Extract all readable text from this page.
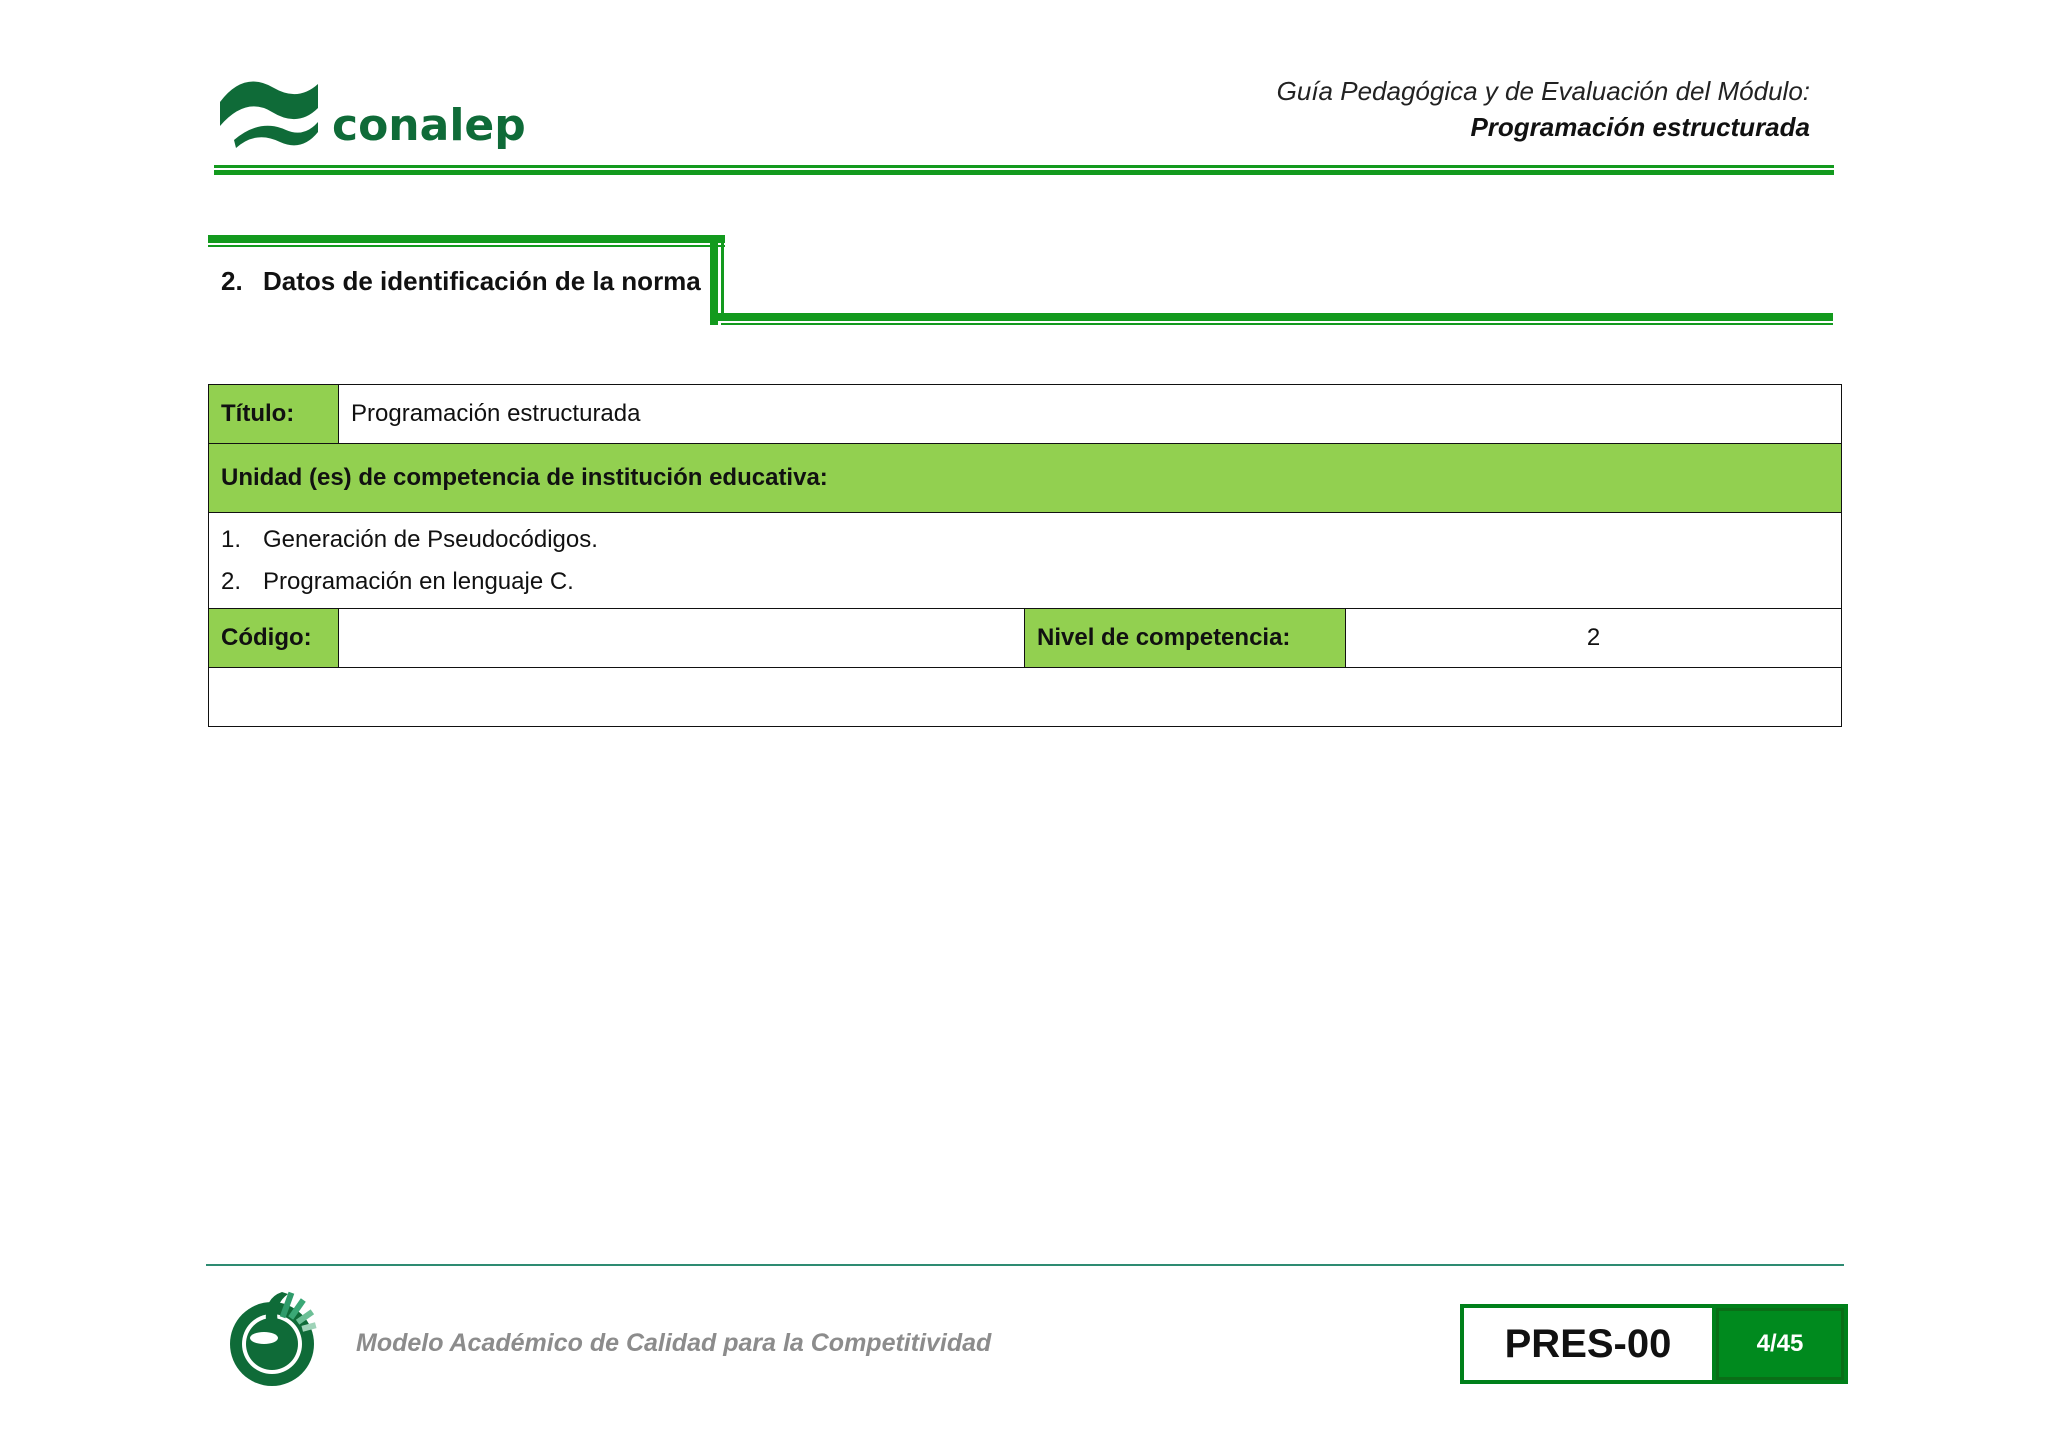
conalep
Guía Pedagógica y de Evaluación del Módulo:
Programación estructurada
2. Datos de identificación de la norma
Título:	Programación estructurada		
Unidad (es) de competencia de institución educativa:			

1. Generación de Pseudocódigos.
2. Programación en lenguaje C.			

Código:		Nivel de competencia:	2

Modelo Académico de Calidad para la Competitividad	PRES-00	4/45
